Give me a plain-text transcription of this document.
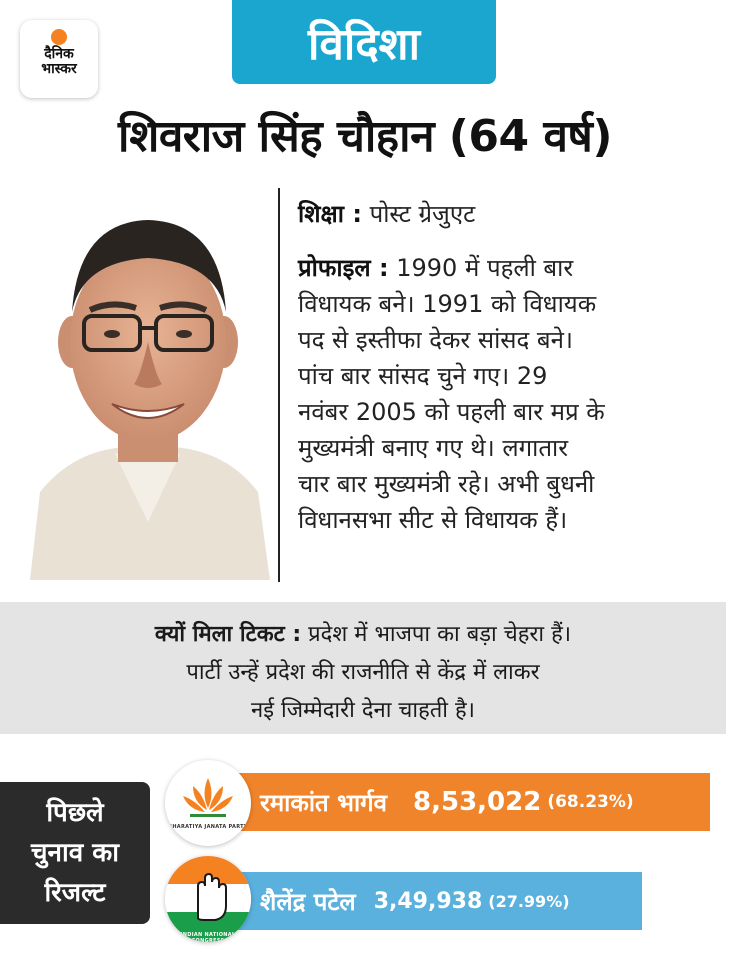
दैनिक
भास्कर	विदिशा
शिवराज सिंह चौहान (64 वर्ष)
शिक्षा : पोस्ट ग्रेजुएट
प्रोफाइल : 1990 में पहली बार
विधायक बने। 1991 को विधायक
पद से इस्तीफा देकर सांसद बने।
पांच बार सांसद चुने गए। 29
नवंबर 2005 को पहली बार मप्र के
मुख्यमंत्री बनाए गए थे। लगातार
चार बार मुख्यमंत्री रहे। अभी बुधनी
विधानसभा सीट से विधायक हैं।
क्यों मिला टिकट : प्रदेश में भाजपा का बड़ा चेहरा हैं।
पार्टी उन्हें प्रदेश की राजनीति से केंद्र में लाकर
नई जिम्मेदारी देना चाहती है।
पिछले
चुनाव का
रिजल्ट
रमाकांत भार्गव 8,53,022 (68.23%)
BHARATIYA JANATA PARTY
शैलेंद्र पटेल 3,49,938 (27.99%)
INDIAN NATIONAL CONGRESS
